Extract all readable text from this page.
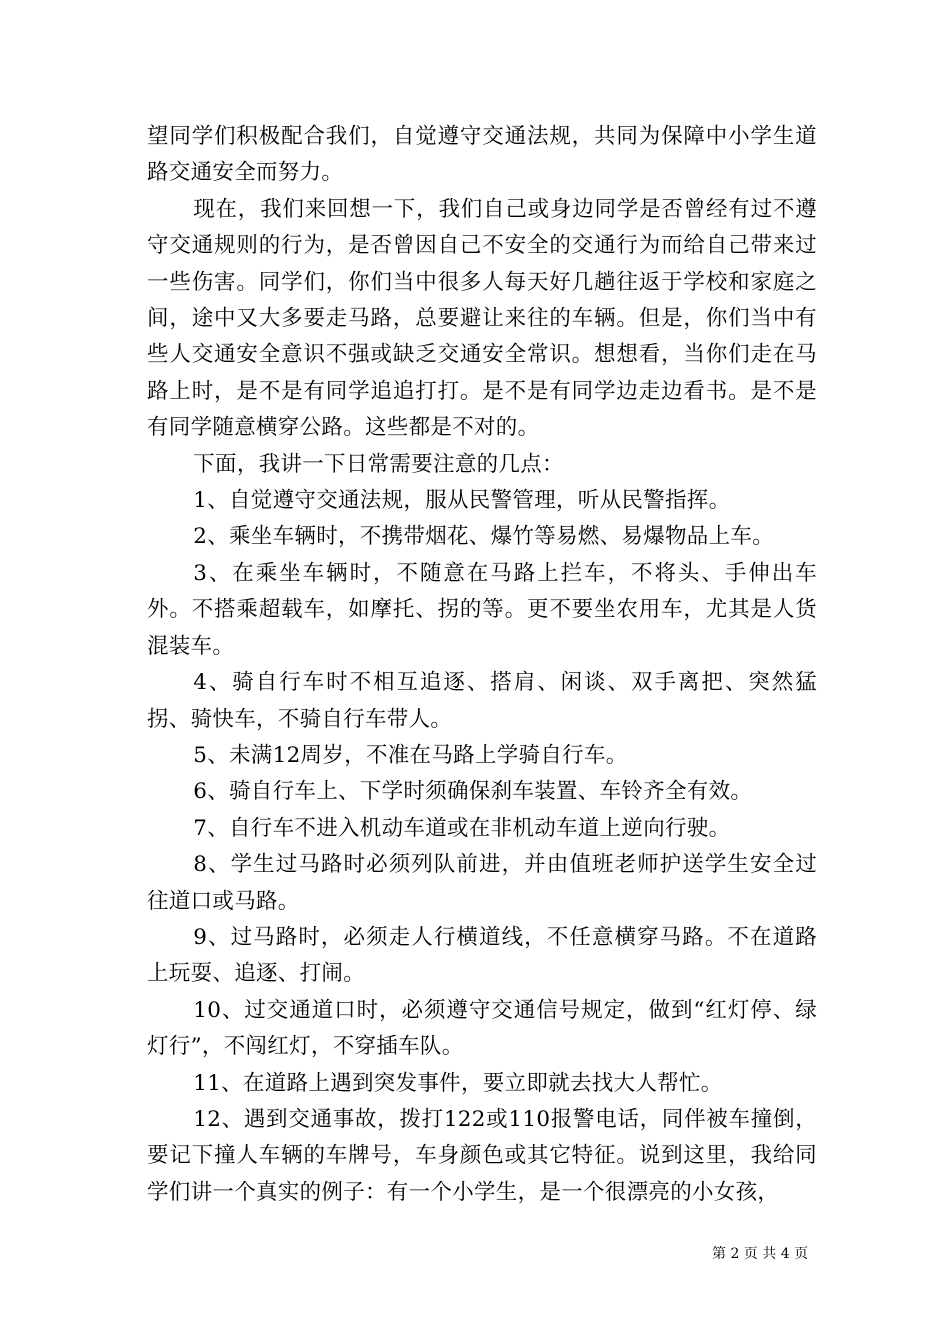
望同学们积极配合我们，自觉遵守交通法规，共同为保障中小学生道路交通安全而努力。

现在，我们来回想一下，我们自己或身边同学是否曾经有过不遵守交通规则的行为，是否曾因自己不安全的交通行为而给自己带来过一些伤害。同学们，你们当中很多人每天好几趟往返于学校和家庭之间，途中又大多要走马路，总要避让来往的车辆。但是，你们当中有些人交通安全意识不强或缺乏交通安全常识。想想看，当你们走在马路上时，是不是有同学追追打打。是不是有同学边走边看书。是不是有同学随意横穿公路。这些都是不对的。

下面，我讲一下日常需要注意的几点：

1、自觉遵守交通法规，服从民警管理，听从民警指挥。

2、乘坐车辆时，不携带烟花、爆竹等易燃、易爆物品上车。

3、在乘坐车辆时，不随意在马路上拦车，不将头、手伸出车外。不搭乘超载车，如摩托、拐的等。更不要坐农用车，尤其是人货混装车。

4、骑自行车时不相互追逐、搭肩、闲谈、双手离把、突然猛拐、骑快车，不骑自行车带人。

5、未满12周岁，不准在马路上学骑自行车。

6、骑自行车上、下学时须确保刹车装置、车铃齐全有效。

7、自行车不进入机动车道或在非机动车道上逆向行驶。

8、学生过马路时必须列队前进，并由值班老师护送学生安全过往道口或马路。

9、过马路时，必须走人行横道线，不任意横穿马路。不在道路上玩耍、追逐、打闹。

10、过交通道口时，必须遵守交通信号规定，做到“红灯停、绿灯行”，不闯红灯，不穿插车队。

11、在道路上遇到突发事件，要立即就去找大人帮忙。

12、遇到交通事故，拨打122或110报警电话，同伴被车撞倒，要记下撞人车辆的车牌号，车身颜色或其它特征。说到这里，我给同学们讲一个真实的例子：有一个小学生，是一个很漂亮的小女孩，

第 2 页 共 4 页
